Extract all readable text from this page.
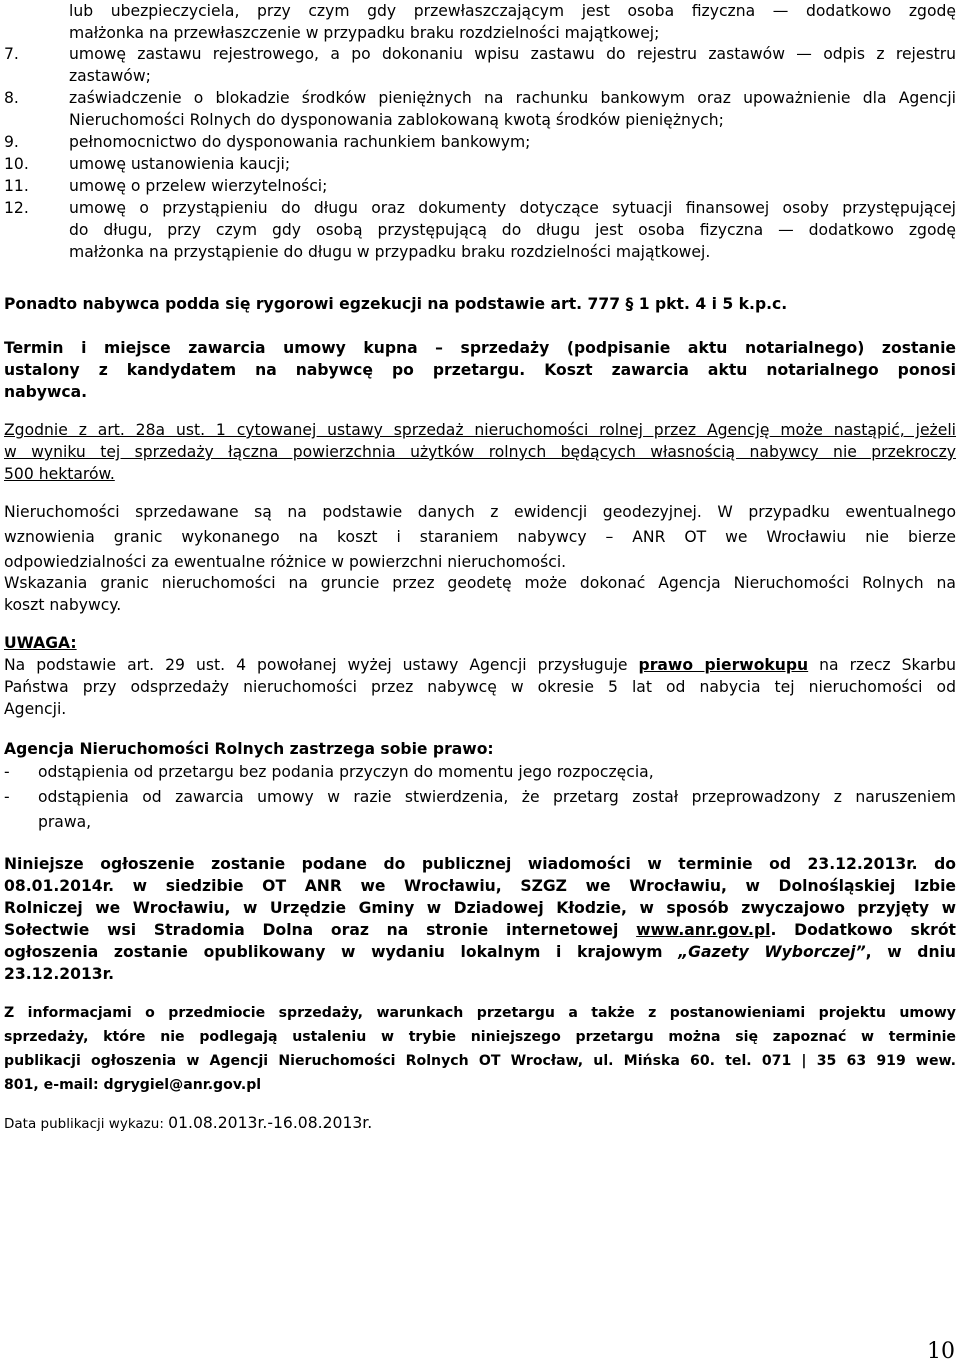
lub ubezpieczyciela, przy czym gdy przewłaszczającym jest osoba fizyczna — dodatkowo zgodę
małżonka na przewłaszczenie w przypadku braku rozdzielności majątkowej;
7.	umowę zastawu rejestrowego, a po dokonaniu wpisu zastawu do rejestru zastawów — odpis z rejestru
zastawów;
8.	zaświadczenie o blokadzie środków pieniężnych na rachunku bankowym oraz upoważnienie dla Agencji
Nieruchomości Rolnych do dysponowania zablokowaną kwotą środków pieniężnych;
9.	pełnomocnictwo do dysponowania rachunkiem bankowym;
10.	umowę ustanowienia kaucji;
11.	umowę o przelew wierzytelności;
12.	umowę o przystąpieniu do długu oraz dokumenty dotyczące sytuacji finansowej osoby przystępującej
do długu, przy czym gdy osobą przystępującą do długu jest osoba fizyczna — dodatkowo zgodę
małżonka na przystąpienie do długu w przypadku braku rozdzielności majątkowej.
Ponadto nabywca podda się rygorowi egzekucji na podstawie art. 777 § 1 pkt. 4 i 5 k.p.c.
Termin i miejsce zawarcia umowy kupna – sprzedaży (podpisanie aktu notarialnego) zostanie
ustalony z kandydatem na nabywcę po przetargu. Koszt zawarcia aktu notarialnego ponosi
nabywca.
Zgodnie z art. 28a ust. 1 cytowanej ustawy sprzedaż nieruchomości rolnej przez Agencję może nastąpić, jeżeli
w wyniku tej sprzedaży łączna powierzchnia użytków rolnych będących własnością nabywcy nie przekroczy
500 hektarów.
Nieruchomości sprzedawane są na podstawie danych z ewidencji geodezyjnej. W przypadku ewentualnego
wznowienia granic wykonanego na koszt i staraniem nabywcy – ANR OT we Wrocławiu nie bierze
odpowiedzialności za ewentualne różnice w powierzchni nieruchomości.
Wskazania granic nieruchomości na gruncie przez geodetę może dokonać Agencja Nieruchomości Rolnych na
koszt nabywcy.
UWAGA:
Na podstawie art. 29 ust. 4 powołanej wyżej ustawy Agencji przysługuje prawo pierwokupu na rzecz Skarbu
Państwa przy odsprzedaży nieruchomości przez nabywcę w okresie 5 lat od nabycia tej nieruchomości od
Agencji.
Agencja Nieruchomości Rolnych zastrzega sobie prawo:
- odstąpienia od przetargu bez podania przyczyn do momentu jego rozpoczęcia,
- odstąpienia od zawarcia umowy w razie stwierdzenia, że przetarg został przeprowadzony z naruszeniem
prawa,
Niniejsze ogłoszenie zostanie podane do publicznej wiadomości w terminie od 23.12.2013r. do
08.01.2014r. w siedzibie OT ANR we Wrocławiu, SZGZ we Wrocławiu, w Dolnośląskiej Izbie
Rolniczej we Wrocławiu, w Urzędzie Gminy w Dziadowej Kłodzie, w sposób zwyczajowo przyjęty w
Sołectwie wsi Stradomia Dolna oraz na stronie internetowej www.anr.gov.pl. Dodatkowo skrót
ogłoszenia zostanie opublikowany w wydaniu lokalnym i krajowym „Gazety Wyborczej”, w dniu
23.12.2013r.
Z informacjami o przedmiocie sprzedaży, warunkach przetargu a także z postanowieniami projektu umowy
sprzedaży, które nie podlegają ustaleniu w trybie niniejszego przetargu można się zapoznać w terminie
publikacji ogłoszenia w Agencji Nieruchomości Rolnych OT Wrocław, ul. Mińska 60. tel. 071 | 35 63 919 wew.
801, e-mail: dgrygiel@anr.gov.pl
Data publikacji wykazu: 01.08.2013r.-16.08.2013r.
10
